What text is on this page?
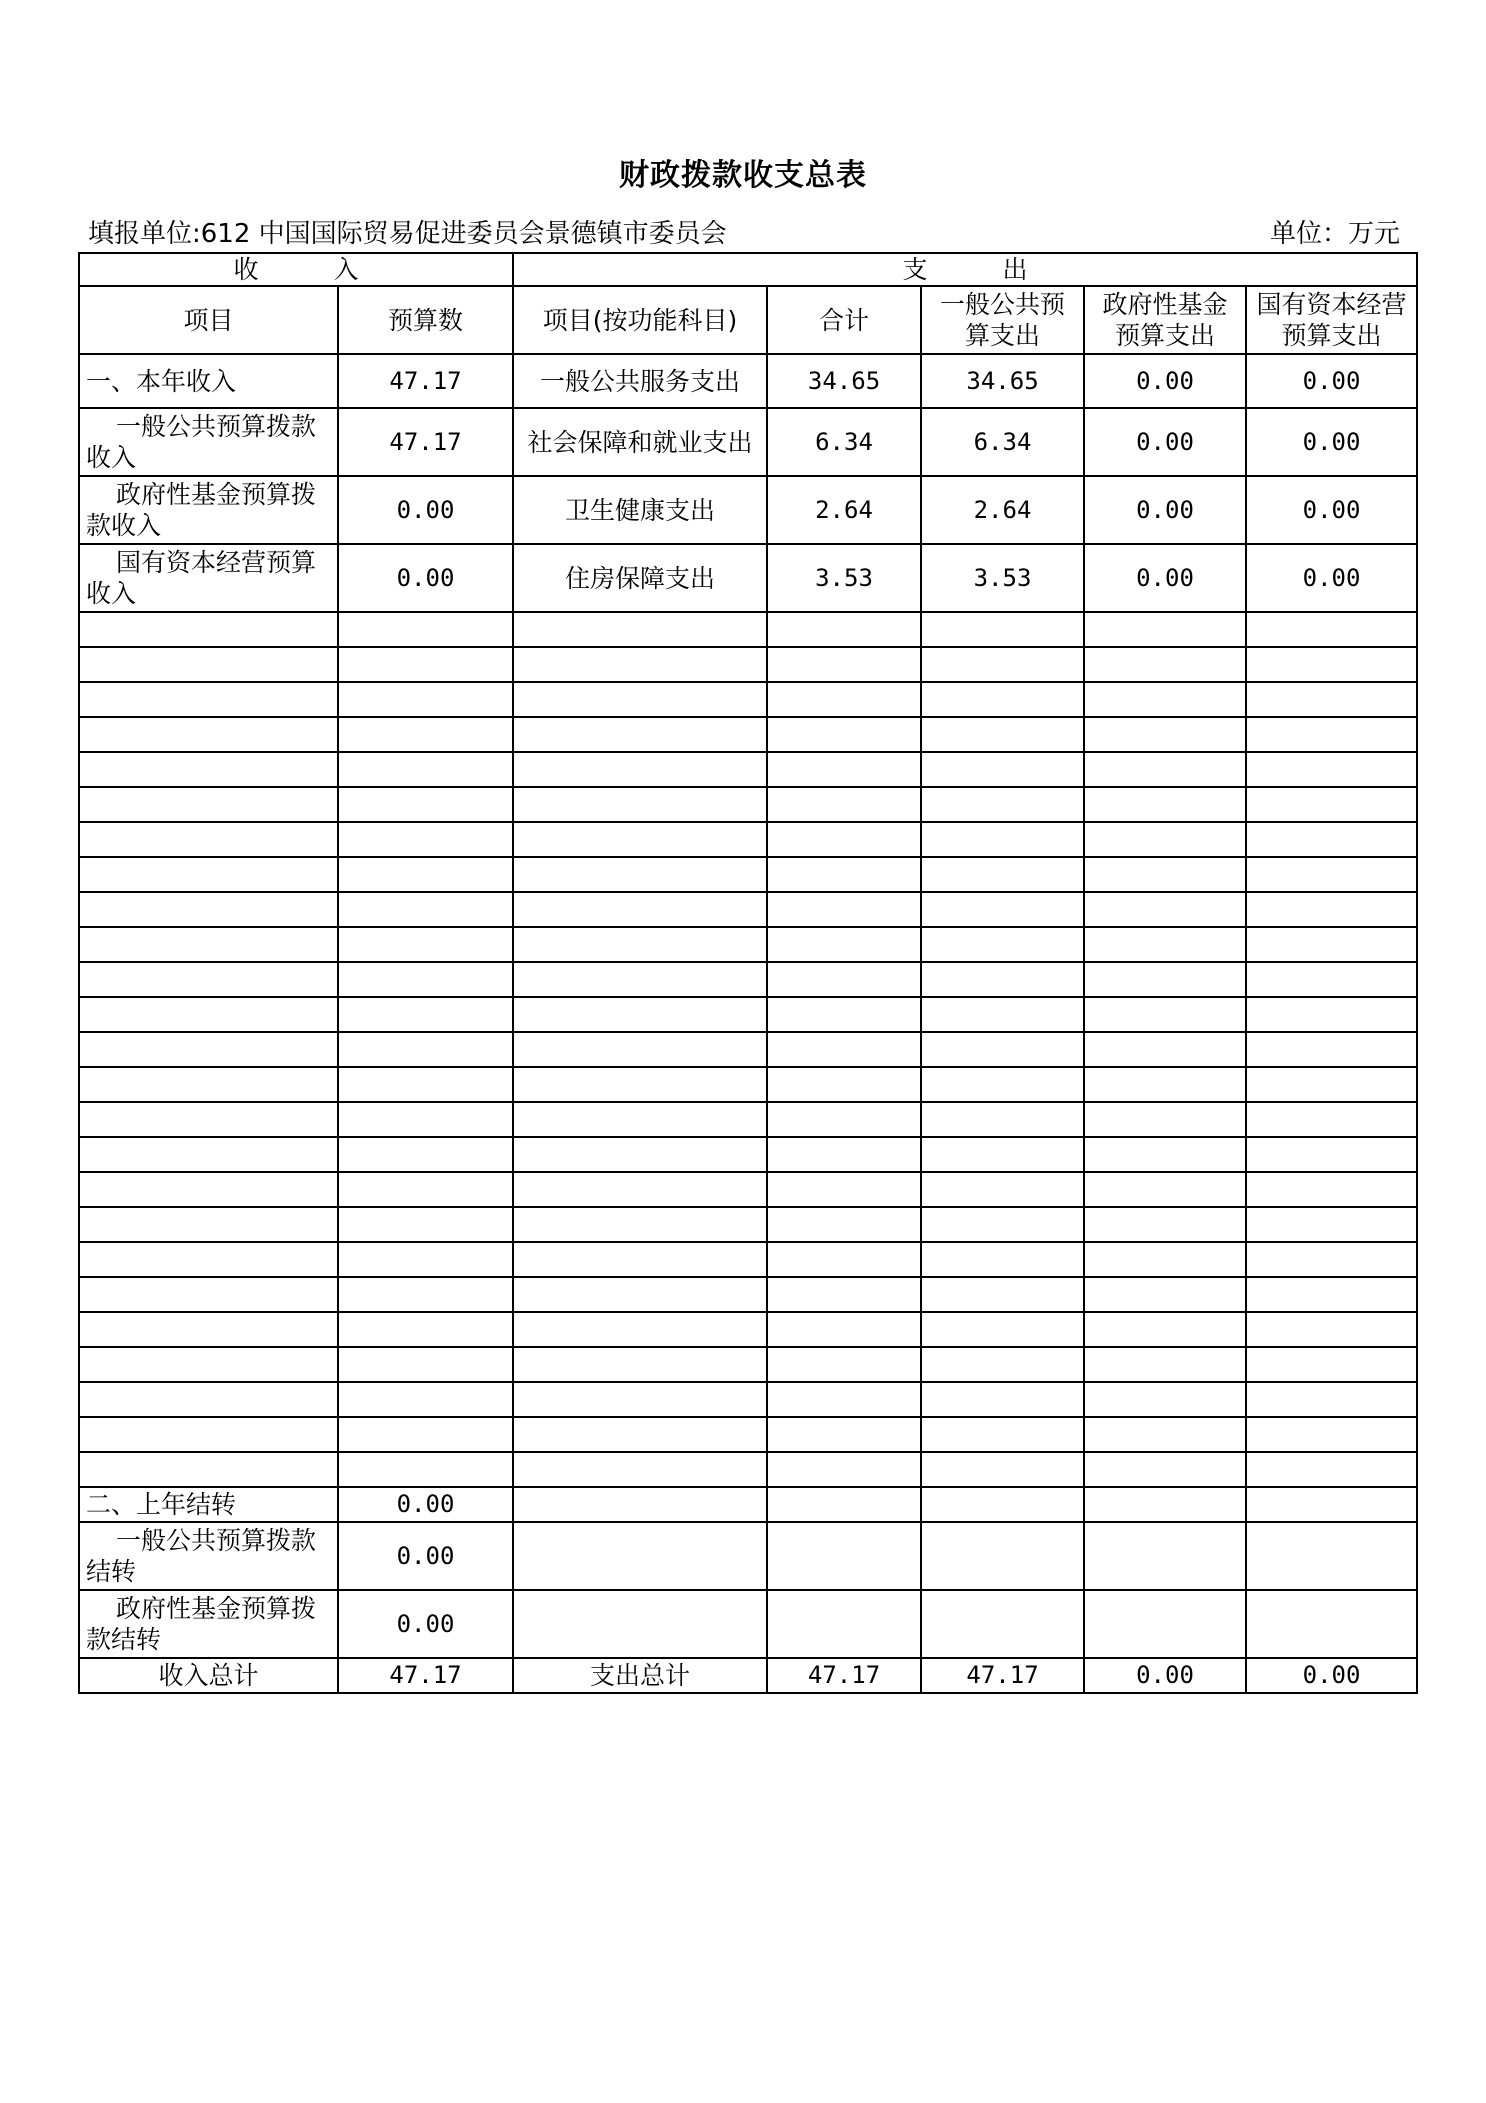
财政拨款收支总表
填报单位:612 中国国际贸易促进委员会景德镇市委员会	单位：万元
收　　　入		支　　　出				
项目	预算数	项目(按功能科目)	合计	一般公共预算支出	政府性基金预算支出	国有资本经营预算支出
一、本年收入	47.17	一般公共服务支出	34.65	34.65	0.00	0.00
一般公共预算拨款收入	47.17	社会保障和就业支出	6.34	6.34	0.00	0.00
政府性基金预算拨款收入	0.00	卫生健康支出	2.64	2.64	0.00	0.00
国有资本经营预算收入	0.00	住房保障支出	3.53	3.53	0.00	0.00

二、上年结转	0.00					
一般公共预算拨款结转	0.00					
政府性基金预算拨款结转	0.00					
收入总计	47.17	支出总计	47.17	47.17	0.00	0.00
